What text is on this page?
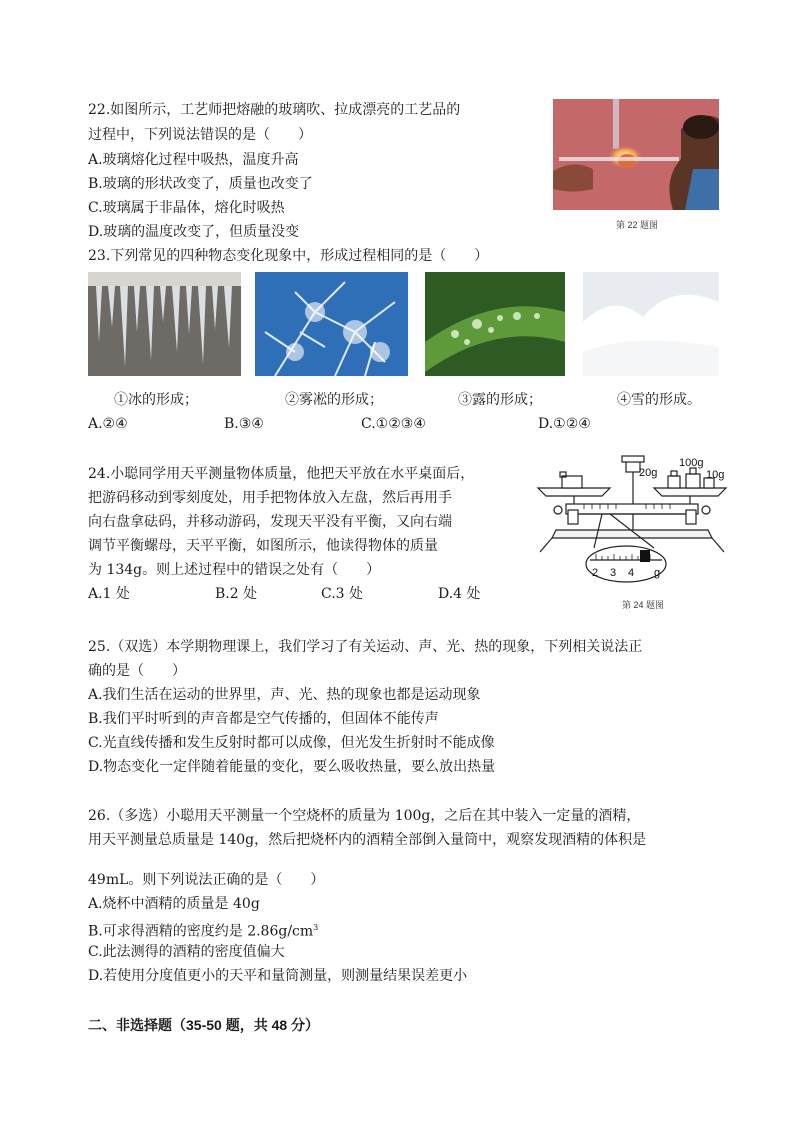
22.如图所示，工艺师把熔融的玻璃吹、拉成漂亮的工艺品的
过程中，下列说法错误的是（　　）
A.玻璃熔化过程中吸热，温度升高
B.玻璃的形状改变了，质量也改变了
C.玻璃属于非晶体，熔化时吸热
D.玻璃的温度改变了，但质量没变	第 22 题图
23.下列常见的四种物态变化现象中，形成过程相同的是（　　）
①冰的形成；	②雾凇的形成；	③露的形成；	④雪的形成。
A.②④	B.③④	C.①②③④	D.①②④
24.小聪同学用天平测量物体质量，他把天平放在水平桌面后，
把游码移动到零刻度处，用手把物体放入左盘，然后再用手
向右盘拿砝码，并移动游码，发现天平没有平衡，又向右端
调节平衡螺母，天平平衡，如图所示，他读得物体的质量
为 134g。则上述过程中的错误之处有（　　）
A.1 处	B.2 处	C.3 处	D.4 处
20g
100g
10g
2 3 4 g
第 24 题图
25.（双选）本学期物理课上，我们学习了有关运动、声、光、热的现象，下列相关说法正
确的是（　　）
A.我们生活在运动的世界里，声、光、热的现象也都是运动现象
B.我们平时听到的声音都是空气传播的，但固体不能传声
C.光直线传播和发生反射时都可以成像，但光发生折射时不能成像
D.物态变化一定伴随着能量的变化，要么吸收热量，要么放出热量
26.（多选）小聪用天平测量一个空烧杯的质量为 100g，之后在其中装入一定量的酒精，
用天平测量总质量是 140g，然后把烧杯内的酒精全部倒入量筒中，观察发现酒精的体积是
49mL。则下列说法正确的是（　　）
A.烧杯中酒精的质量是 40g
B.可求得酒精的密度约是 $2.86g/cm^3$
C.此法测得的酒精的密度值偏大
D.若使用分度值更小的天平和量筒测量，则测量结果误差更小
二、非选择题（35-50 题，共 48 分）
